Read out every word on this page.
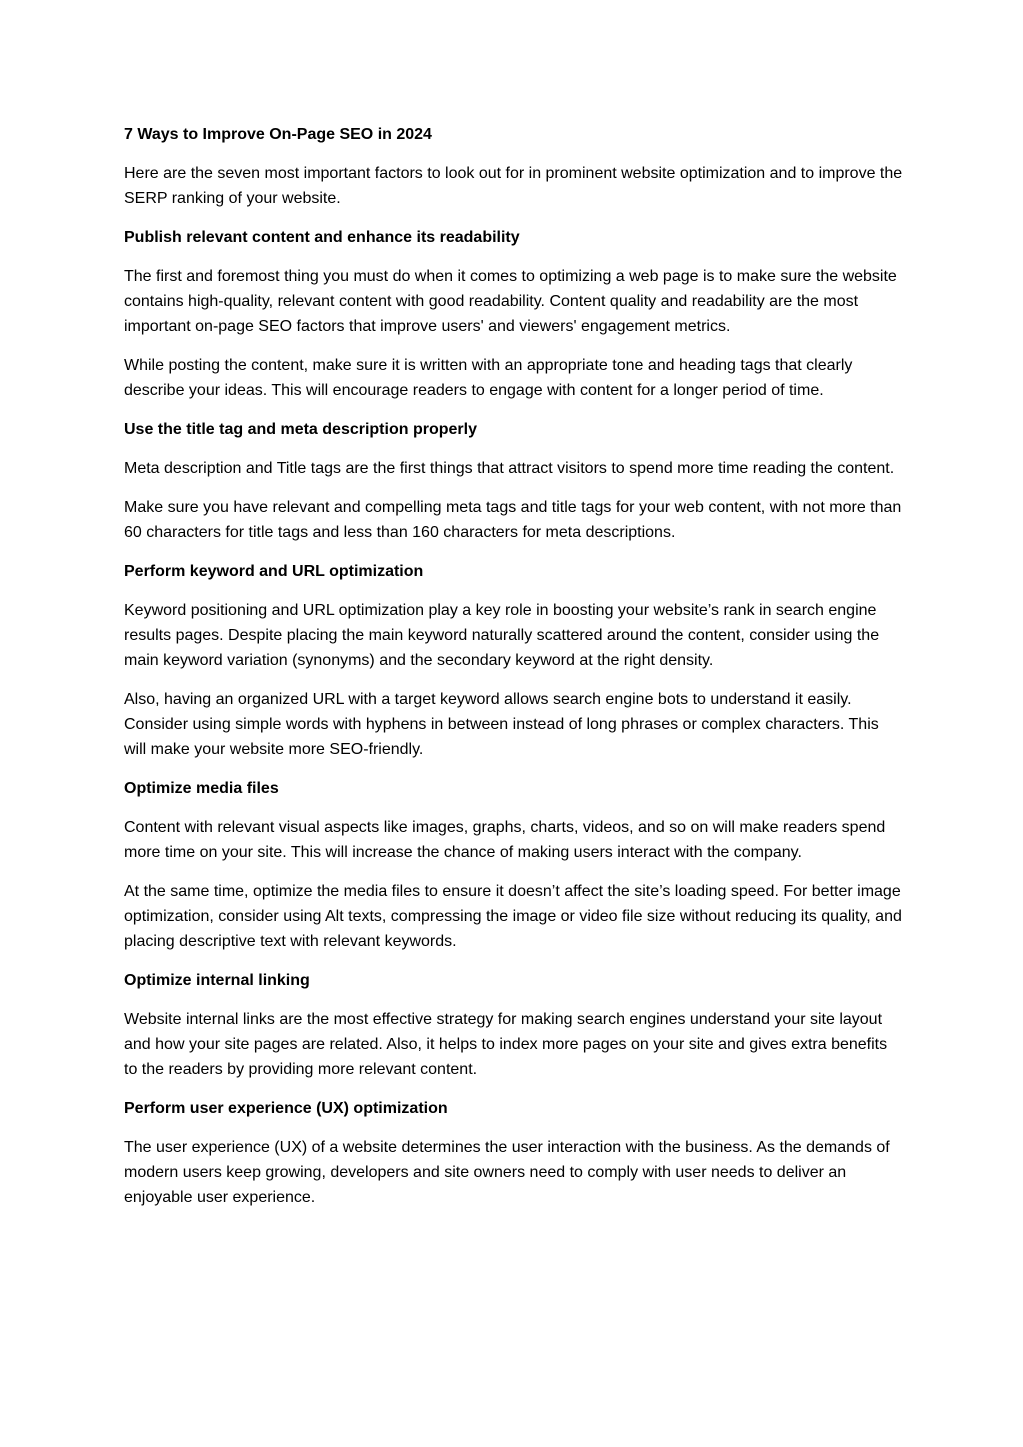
7 Ways to Improve On-Page SEO in 2024

Here are the seven most important factors to look out for in prominent website optimization and to improve the SERP ranking of your website.

Publish relevant content and enhance its readability

The first and foremost thing you must do when it comes to optimizing a web page is to make sure the website contains high-quality, relevant content with good readability. Content quality and readability are the most important on-page SEO factors that improve users' and viewers' engagement metrics.

While posting the content, make sure it is written with an appropriate tone and heading tags that clearly describe your ideas. This will encourage readers to engage with content for a longer period of time.

Use the title tag and meta description properly

Meta description and Title tags are the first things that attract visitors to spend more time reading the content.

Make sure you have relevant and compelling meta tags and title tags for your web content, with not more than 60 characters for title tags and less than 160 characters for meta descriptions.

Perform keyword and URL optimization

Keyword positioning and URL optimization play a key role in boosting your website’s rank in search engine results pages. Despite placing the main keyword naturally scattered around the content, consider using the main keyword variation (synonyms) and the secondary keyword at the right density.

Also, having an organized URL with a target keyword allows search engine bots to understand it easily. Consider using simple words with hyphens in between instead of long phrases or complex characters. This will make your website more SEO-friendly.

Optimize media files

Content with relevant visual aspects like images, graphs, charts, videos, and so on will make readers spend more time on your site. This will increase the chance of making users interact with the company.

At the same time, optimize the media files to ensure it doesn’t affect the site’s loading speed. For better image optimization, consider using Alt texts, compressing the image or video file size without reducing its quality, and placing descriptive text with relevant keywords.

Optimize internal linking

Website internal links are the most effective strategy for making search engines understand your site layout and how your site pages are related. Also, it helps to index more pages on your site and gives extra benefits to the readers by providing more relevant content.

Perform user experience (UX) optimization

The user experience (UX) of a website determines the user interaction with the business. As the demands of modern users keep growing, developers and site owners need to comply with user needs to deliver an enjoyable user experience.
